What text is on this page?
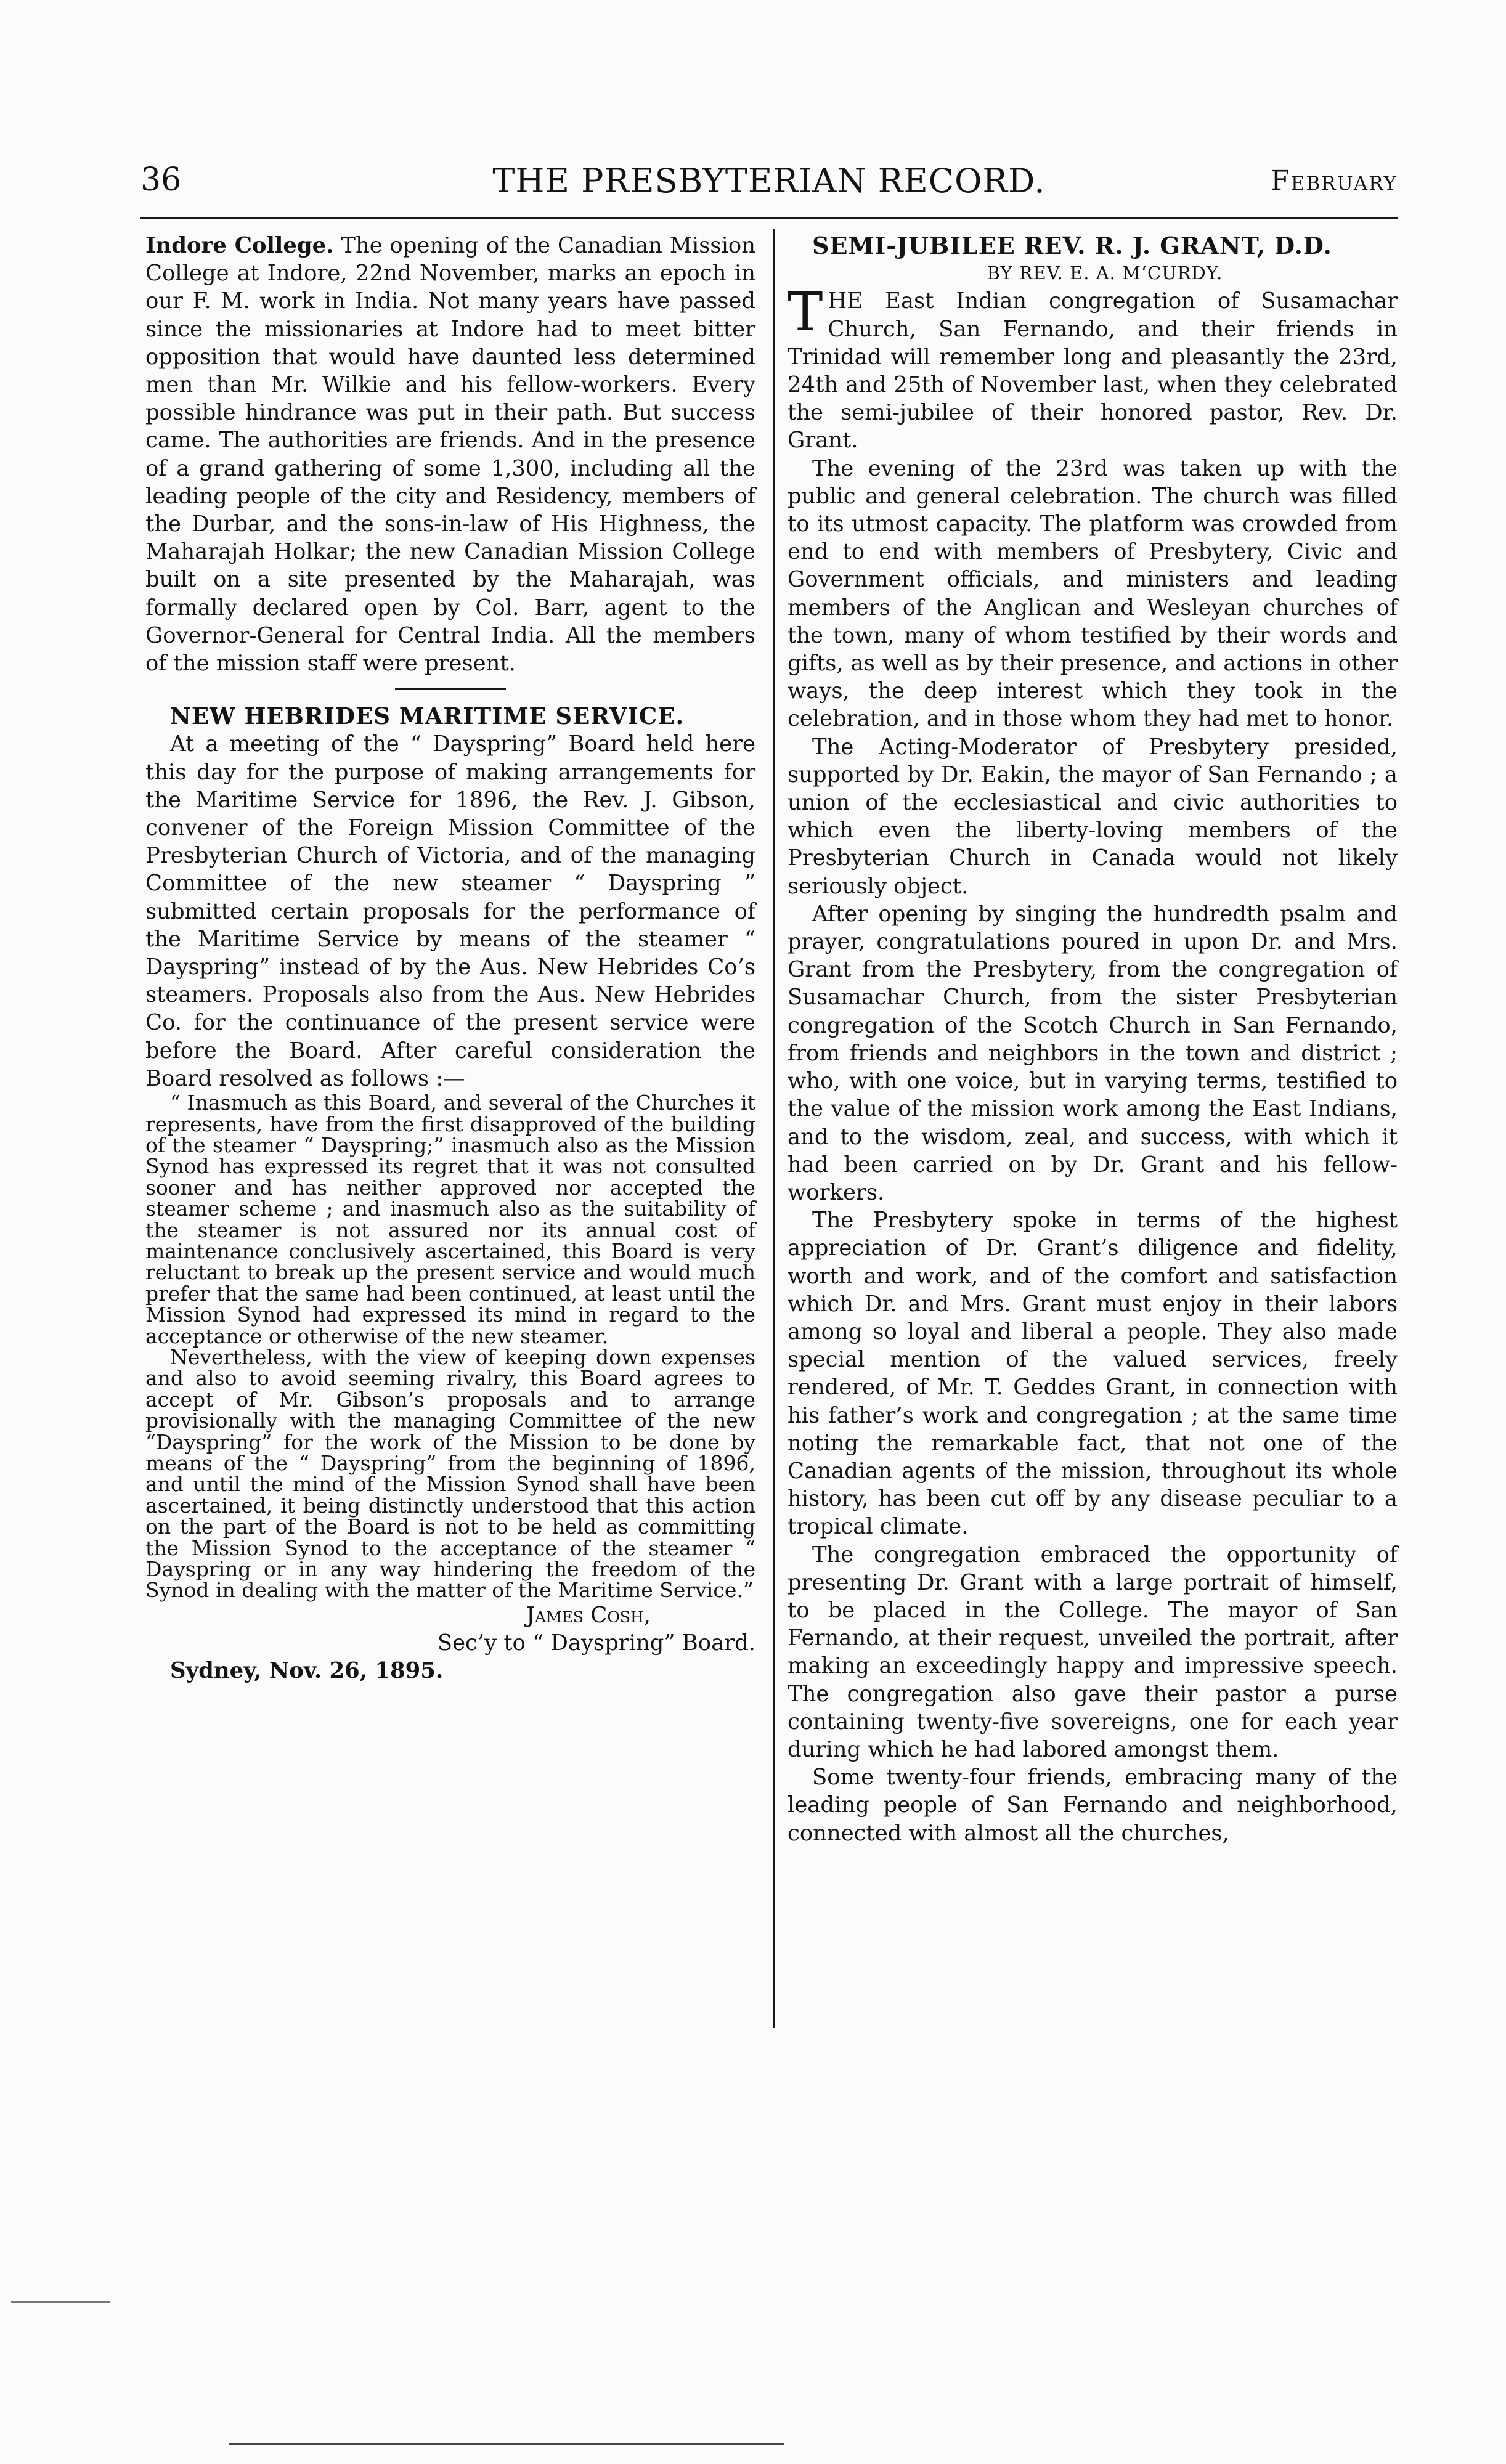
36	THE PRESBYTERIAN RECORD.	February

Indore College. The opening of the Canadian Mission College at Indore, 22nd November, marks an epoch in our F. M. work in India. Not many years have passed since the missionaries at Indore had to meet bitter opposition that would have daunted less determined men than Mr. Wilkie and his fellow-workers. Every possible hindrance was put in their path. But success came. The authorities are friends. And in the presence of a grand gathering of some 1,300, including all the leading people of the city and Residency, members of the Durbar, and the sons-in-law of His Highness, the Maharajah Holkar; the new Canadian Mission College built on a site presented by the Maharajah, was formally declared open by Col. Barr, agent to the Governor-General for Central India. All the members of the mission staff were present.

NEW HEBRIDES MARITIME SERVICE.

At a meeting of the “ Dayspring” Board held here this day for the purpose of making arrangements for the Maritime Service for 1896, the Rev. J. Gibson, convener of the Foreign Mission Committee of the Presbyterian Church of Victoria, and of the managing Committee of the new steamer “ Dayspring ” submitted certain proposals for the performance of the Maritime Service by means of the steamer “ Dayspring” instead of by the Aus. New Hebrides Co’s steamers. Proposals also from the Aus. New Hebrides Co. for the continuance of the present service were before the Board. After careful consideration the Board resolved as follows :—

“ Inasmuch as this Board, and several of the Churches it represents, have from the first disapproved of the building of the steamer “ Dayspring;” inasmuch also as the Mission Synod has expressed its regret that it was not consulted sooner and has neither approved nor accepted the steamer scheme ; and inasmuch also as the suitability of the steamer is not assured nor its annual cost of maintenance conclusively ascertained, this Board is very reluctant to break up the present service and would much prefer that the same had been continued, at least until the Mission Synod had expressed its mind in regard to the acceptance or otherwise of the new steamer.

Nevertheless, with the view of keeping down expenses and also to avoid seeming rivalry, this Board agrees to accept of Mr. Gibson’s proposals and to arrange provisionally with the managing Committee of the new “Dayspring” for the work of the Mission to be done by means of the “ Dayspring” from the beginning of 1896, and until the mind of the Mission Synod shall have been ascertained, it being distinctly understood that this action on the part of the Board is not to be held as committing the Mission Synod to the acceptance of the steamer “ Dayspring or in any way hindering the freedom of the Synod in dealing with the matter of the Maritime Service.”

James Cosh,

Sec’y to “ Dayspring” Board.

Sydney, Nov. 26, 1895.

SEMI-JUBILEE REV. R. J. GRANT, D.D.

BY REV. E. A. M‘CURDY.

THE East Indian congregation of Susamachar Church, San Fernando, and their friends in Trinidad will remember long and pleasantly the 23rd, 24th and 25th of November last, when they celebrated the semi-jubilee of their honored pastor, Rev. Dr. Grant.

The evening of the 23rd was taken up with the public and general celebration. The church was filled to its utmost capacity. The platform was crowded from end to end with members of Presbytery, Civic and Government officials, and ministers and leading members of the Anglican and Wesleyan churches of the town, many of whom testified by their words and gifts, as well as by their presence, and actions in other ways, the deep interest which they took in the celebration, and in those whom they had met to honor.

The Acting-Moderator of Presbytery presided, supported by Dr. Eakin, the mayor of San Fernando ; a union of the ecclesiastical and civic authorities to which even the liberty-loving members of the Presbyterian Church in Canada would not likely seriously object.

After opening by singing the hundredth psalm and prayer, congratulations poured in upon Dr. and Mrs. Grant from the Presbytery, from the congregation of Susamachar Church, from the sister Presbyterian congregation of the Scotch Church in San Fernando, from friends and neighbors in the town and district ; who, with one voice, but in varying terms, testified to the value of the mission work among the East Indians, and to the wisdom, zeal, and success, with which it had been carried on by Dr. Grant and his fellow-workers.

The Presbytery spoke in terms of the highest appreciation of Dr. Grant’s diligence and fidelity, worth and work, and of the comfort and satisfaction which Dr. and Mrs. Grant must enjoy in their labors among so loyal and liberal a people. They also made special mention of the valued services, freely rendered, of Mr. T. Geddes Grant, in connection with his father’s work and congregation ; at the same time noting the remarkable fact, that not one of the Canadian agents of the mission, throughout its whole history, has been cut off by any disease peculiar to a tropical climate.

The congregation embraced the opportunity of presenting Dr. Grant with a large portrait of himself, to be placed in the College. The mayor of San Fernando, at their request, unveiled the portrait, after making an exceedingly happy and impressive speech. The congregation also gave their pastor a purse containing twenty-five sovereigns, one for each year during which he had labored amongst them.

Some twenty-four friends, embracing many of the leading people of San Fernando and neighborhood, connected with almost all the churches,
